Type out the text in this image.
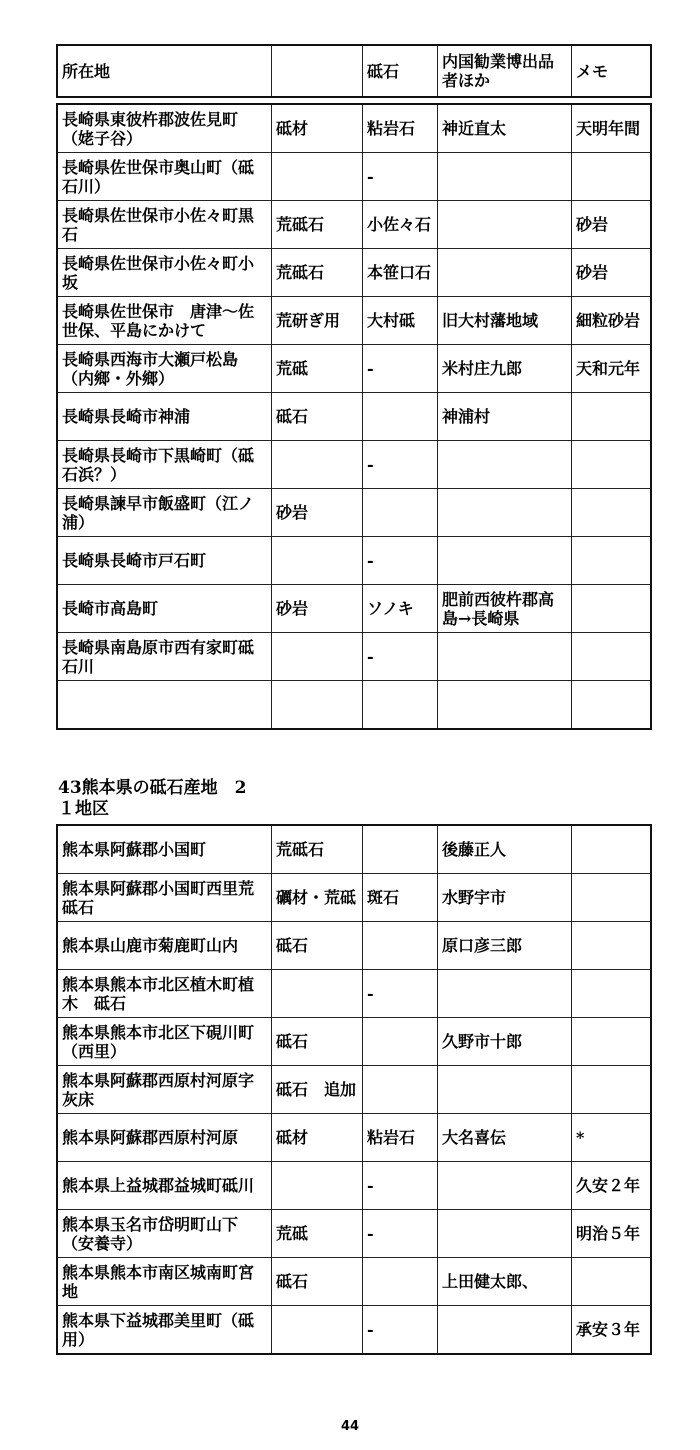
所在地		砥石	内国勧業博出品者ほか	メモ
長崎県東彼杵郡波佐見町（姥子谷）	砥材	粘岩石	神近直太	天明年間
長崎県佐世保市奥山町（砥石川）		-		
長崎県佐世保市小佐々町黒石	荒砥石	小佐々石		砂岩
長崎県佐世保市小佐々町小坂	荒砥石	本笹口石		砂岩
長崎県佐世保市　唐津～佐世保、平島にかけて	荒研ぎ用	大村砥	旧大村藩地域	細粒砂岩
長崎県西海市大瀬戸松島（内鄉・外鄉）	荒砥	-	米村庄九郎	天和元年
長崎県長崎市神浦	砥石		神浦村	
長崎県長崎市下黒崎町（砥石浜？）		-		
長崎県諫早市飯盛町（江ノ浦）	砂岩			
長崎県長崎市戸石町		-		
長崎市高島町	砂岩	ソノキ	肥前西彼杵郡高島→長崎県	
長崎県南島原市西有家町砥石川		-		

43熊本県の砥石産地　2
１地区
熊本県阿蘇郡小国町	荒砥石		後藤正人	
熊本県阿蘇郡小国町西里荒砥石	礪材・荒砥	斑石	水野宇市	
熊本県山鹿市菊鹿町山内	砥石		原口彦三郎	
熊本県熊本市北区植木町植木　砥石		-		
熊本県熊本市北区下硯川町（西里）	砥石		久野市十郎	
熊本県阿蘇郡西原村河原字灰床	砥石　追加			
熊本県阿蘇郡西原村河原	砥材	粘岩石	大名喜伝	*
熊本県上益城郡益城町砥川		-		久安２年
熊本県玉名市岱明町山下（安養寺）	荒砥	-		明治５年
熊本県熊本市南区城南町宮地	砥石		上田健太郎、	
熊本県下益城郡美里町（砥用）		-		承安３年
44
